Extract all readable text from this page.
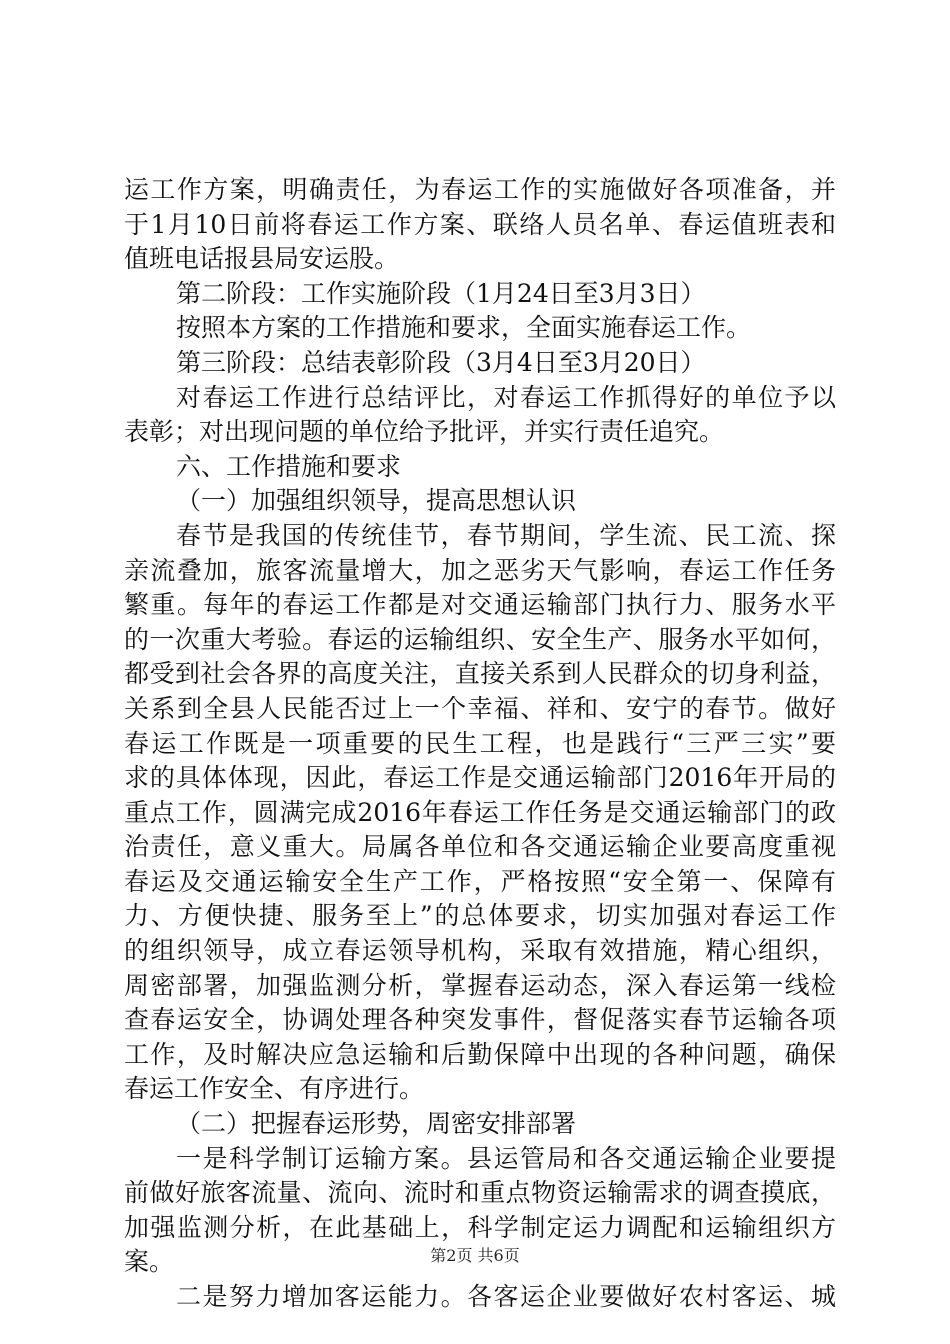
运工作方案，明确责任，为春运工作的实施做好各项准备，并
于1月10日前将春运工作方案、联络人员名单、春运值班表和
值班电话报县局安运股。
第二阶段：工作实施阶段（1月24日至3月3日）
按照本方案的工作措施和要求，全面实施春运工作。
第三阶段：总结表彰阶段（3月4日至3月20日）
对春运工作进行总结评比，对春运工作抓得好的单位予以
表彰；对出现问题的单位给予批评，并实行责任追究。
六、工作措施和要求
（一）加强组织领导，提高思想认识
春节是我国的传统佳节，春节期间，学生流、民工流、探
亲流叠加，旅客流量增大，加之恶劣天气影响，春运工作任务
繁重。每年的春运工作都是对交通运输部门执行力、服务水平
的一次重大考验。春运的运输组织、安全生产、服务水平如何，
都受到社会各界的高度关注，直接关系到人民群众的切身利益，
关系到全县人民能否过上一个幸福、祥和、安宁的春节。做好
春运工作既是一项重要的民生工程，也是践行“三严三实”要
求的具体体现，因此，春运工作是交通运输部门2016年开局的
重点工作，圆满完成2016年春运工作任务是交通运输部门的政
治责任，意义重大。局属各单位和各交通运输企业要高度重视
春运及交通运输安全生产工作，严格按照“安全第一、保障有
力、方便快捷、服务至上”的总体要求，切实加强对春运工作
的组织领导，成立春运领导机构，采取有效措施，精心组织，
周密部署，加强监测分析，掌握春运动态，深入春运第一线检
查春运安全，协调处理各种突发事件，督促落实春节运输各项
工作，及时解决应急运输和后勤保障中出现的各种问题，确保
春运工作安全、有序进行。
（二）把握春运形势，周密安排部署
一是科学制订运输方案。县运管局和各交通运输企业要提
前做好旅客流量、流向、流时和重点物资运输需求的调查摸底，
加强监测分析，在此基础上，科学制定运力调配和运输组织方
案。
二是努力增加客运能力。各客运企业要做好农村客运、城
第2页 共6页
